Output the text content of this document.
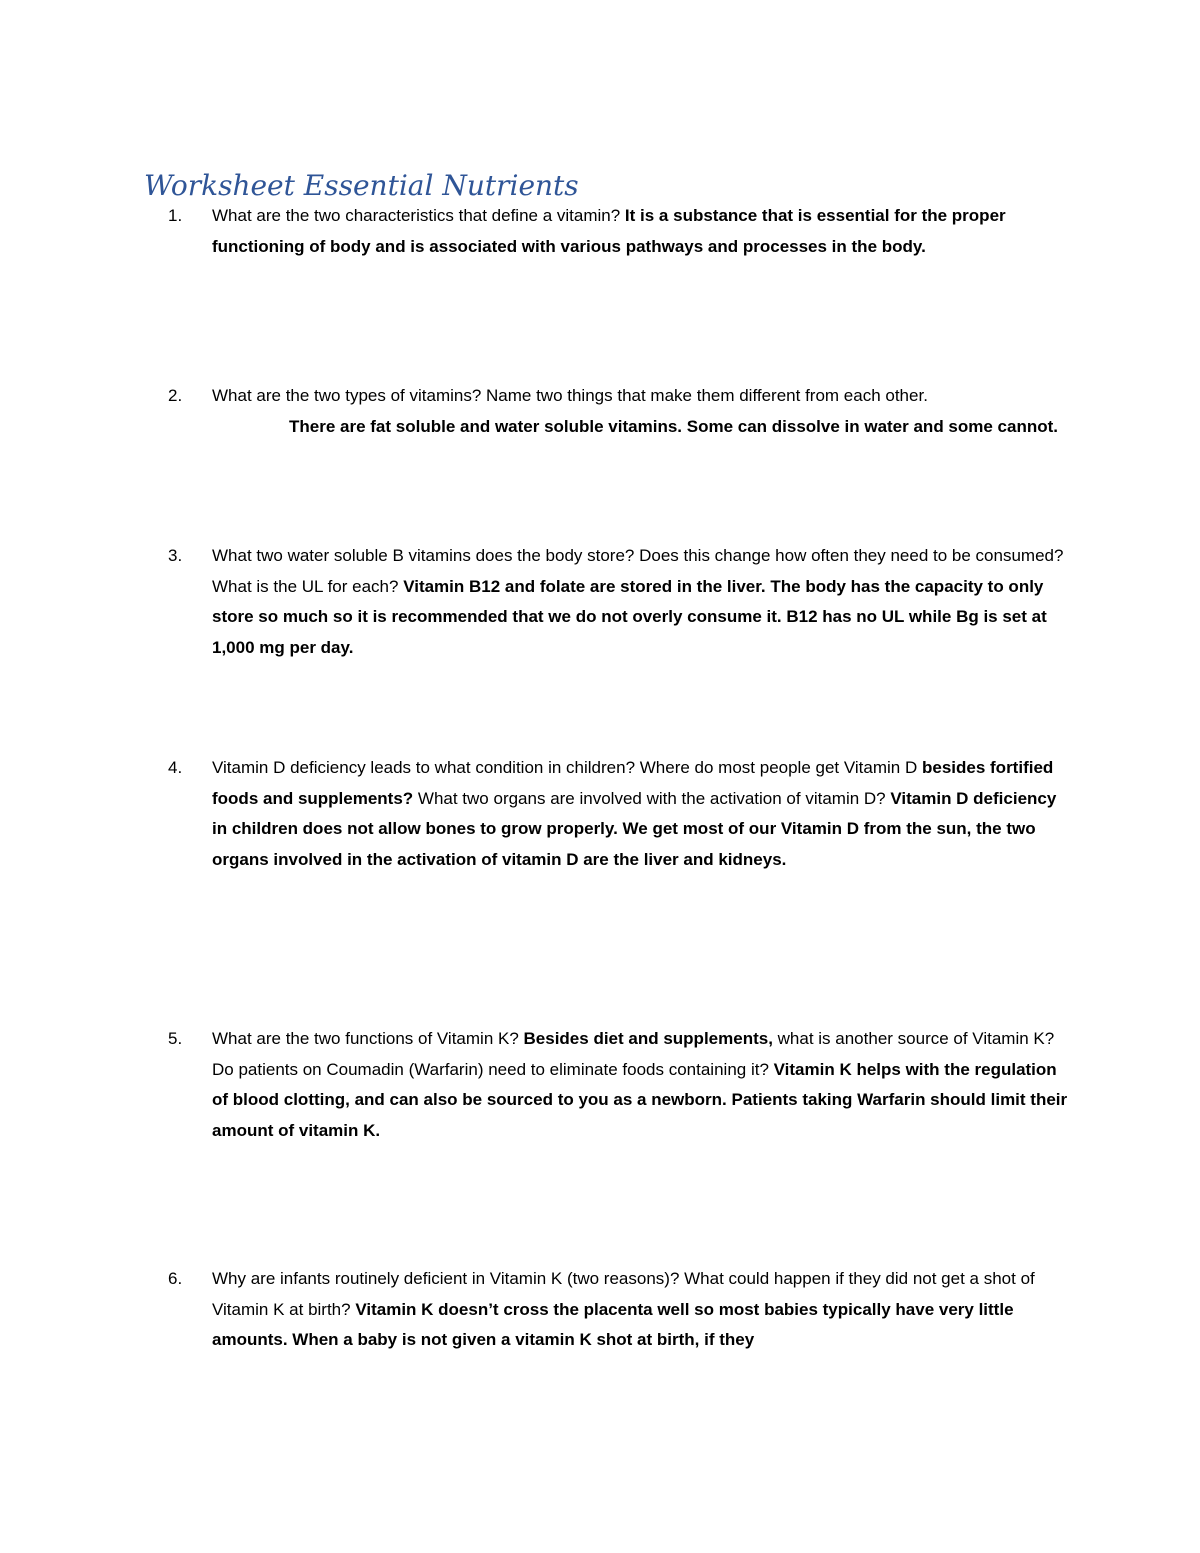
Worksheet Essential Nutrients
1.	What are the two characteristics that define a vitamin? It is a substance that is essential for the proper functioning of body and is associated with various pathways and processes in the body.
2.	What are the two types of vitamins? Name two things that make them different from each other.
There are fat soluble and water soluble vitamins. Some can dissolve in water and some cannot.
3.	What two water soluble B vitamins does the body store? Does this change how often they need to be consumed? What is the UL for each? Vitamin B12 and folate are stored in the liver. The body has the capacity to only store so much so it is recommended that we do not overly consume it. B12 has no UL while Bg is set at 1,000 mg per day.
4.	Vitamin D deficiency leads to what condition in children? Where do most people get Vitamin D besides fortified foods and supplements? What two organs are involved with the activation of vitamin D? Vitamin D deficiency in children does not allow bones to grow properly. We get most of our Vitamin D from the sun, the two organs involved in the activation of vitamin D are the liver and kidneys.
5.	What are the two functions of Vitamin K? Besides diet and supplements, what is another source of Vitamin K? Do patients on Coumadin (Warfarin) need to eliminate foods containing it? Vitamin K helps with the regulation of blood clotting, and can also be sourced to you as a newborn. Patients taking Warfarin should limit their amount of vitamin K.
6.	Why are infants routinely deficient in Vitamin K (two reasons)? What could happen if they did not get a shot of Vitamin K at birth? Vitamin K doesn’t cross the placenta well so most babies typically have very little amounts. When a baby is not given a vitamin K shot at birth, if they
